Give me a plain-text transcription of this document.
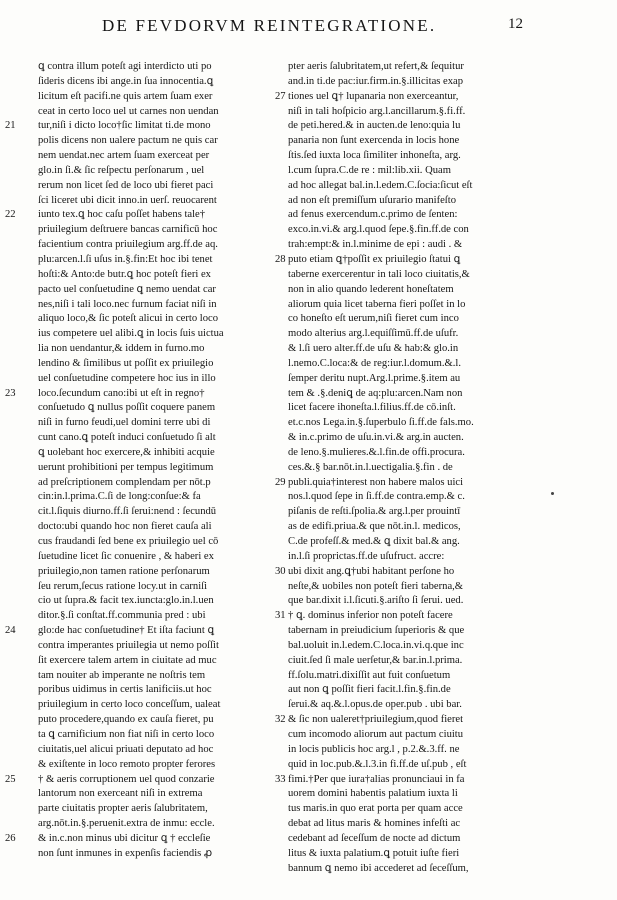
DE FEVDORVM REINTEGRATIONE.	12
ꝗ contra illum poteſt agi interdicto uti po
ſideris dicens ibi ange.in ſua innocentia.ꝗ
licitum eſt pacifi.ne quis artem ſuam exer
ceat in certo loco uel ut carnes non uendan
21	tur,niſi i dicto loco†ſic limitat ti.de mono
polis dicens non ualere pactum ne quis car
nem uendat.nec artem ſuam exerceat per
glo.in ſi.& ſic reſpectu perſonarum , uel
rerum non licet ſed de loco ubi fieret paci
ſci liceret ubi dicit inno.in uerſ. reuocarent
22	iunto tex.ꝗ hoc caſu poſſet habens tale†
priuilegium deſtruere bancas carnificū hoc
facientium contra priuilegium arg.ff.de aq.
plu:arcen.l.ſi uſus in.§.fin:Et hoc ibi tenet
hoſti:& Anto:de butr.ꝗ hoc poteſt fieri ex
pacto uel conſuetudine ꝗ nemo uendat car
nes,niſi i tali loco.nec furnum faciat niſi in
aliquo loco,& ſic poteſt alicui in certo loco
ius competere uel alibi.ꝗ in locis ſuis uictua
lia non uendantur,& iddem in furno.mo
lendino & ſimilibus ut poſſit ex priuilegio
uel conſuetudine competere hoc ius in illo
23	loco.ſecundum cano:ibi ut eſt in regno†
conſuetudo ꝗ nullus poſſit coquere panem
niſi in furno feudi,uel domini terre ubi di
cunt cano.ꝗ poteſt induci conſuetudo ſi alt
ꝗ uolebant hoc exercere,& inhibiti acquie
uerunt prohibitioni per tempus legitimum
ad preſcriptionem complendam per nōt.p
cin:in.l.prima.C.ſi de long:conſue:& fa
cit.l.ſiquis diurno.ff.ſi ſerui:nend : ſecundū
docto:ubi quando hoc non fieret cauſa ali
cus fraudandi ſed bene ex priuilegio uel cō
ſuetudine licet ſic conuenire , & haberi ex
priuilegio,non tamen ratione perſonarum
ſeu rerum,ſecus ratione locy.ut in carniſi
cio ut ſupra.& facit tex.iuncta:glo.in.l.uen
ditor.§.ſi conſtat.ff.communia pred : ubi
24	glo:de hac conſuetudine† Et iſta faciunt ꝗ
contra imperantes priuilegia ut nemo poſſit
ſit exercere talem artem in ciuitate ad muc
tam nouiter ab imperante ne noſtris tem
poribus uidimus in certis lanificiis.ut hoc
priuilegium in certo loco conceſſum, ualeat
puto procedere,quando ex cauſa fieret, pu
ta ꝗ carnificium non fiat niſi in certo loco
ciuitatis,uel alicui priuati deputato ad hoc
& exiſtente in loco remoto propter ferores
25	† & aeris corruptionem uel quod conzarie
lantorum non exerceant niſi in extrema
parte ciuitatis propter aeris ſalubritatem,
arg.nōt.in.§.peruenit.extra de inmu: eccle.
26	& in.c.non minus ubi dicitur ꝗ † eccleſie
non ſunt inmunes in expenſis faciendis ꝓ
pter aeris ſalubritatem,ut refert,& ſequitur
and.in ti.de pac:iur.firm.in.§.illicitas exap
27 tiones uel ꝗ† lupanaria non exerceantur,
niſi in tali hoſpicio arg.l.ancillarum.§.fi.ff.
de peti.hered.& in aucten.de leno:quia lu
panaria non ſunt exercenda in locis hone
ſtis.ſed iuxta loca ſimiliter inhoneſta, arg.
l.cum ſupra.C.de re : mil:lib.xii. Quam
ad hoc allegat bal.in.l.edem.C.ſocia:ſicut eſt
ad non eſt premiſſum uſurario manifeſto
ad fenus exercendum.c.primo de ſenten:
exco.in.vi.& arg.l.quod ſepe.§.fin.ff.de con
trah:empt:& in.l.minime de epi : audi . &
28 puto etiam ꝗ†poſſit ex priuilegio ſtatui ꝗ
taberne exercerentur in tali loco ciuitatis,&
non in alio quando lederent honeſtatem
aliorum quia licet taberna fieri poſſet in lo
co honeſto eſt uerum,niſi fieret cum inco
modo alterius arg.l.equiſſimū.ff.de uſufr.
& l.ſi uero alter.ff.de uſu & hab:& glo.in
l.nemo.C.loca:& de reg:iur.l.domum.&.l.
ſemper deritu nupt.Arg.l.prime.§.item au
tem & .§.deniꝗ de aq:plu:arcen.Nam non
licet facere ihoneſta.l.filius.ff.de cō.inſt.
et.c.nos Lega.in.§.ſuperbulo ſi.ff.de fals.mo.
& in.c.primo de uſu.in.vi.& arg.in aucten.
de leno.§.mulieres.&.l.fin.de offi.procura.
ces.&.§ bar.nōt.in.l.uectigalia.§.fin . de
29 publi.quia†interest non habere malos uici
nos.l.quod ſepe in ſi.ff.de contra.emp.& c.
piſanis de reſti.ſpolia.& arg.l.per prouintī
as de edifi.priua.& que nōt.in.l. medicos,
C.de profeſſ.& med.& ꝗ dixit bal.& ang.
in.l.ſi proprictas.ff.de uſufruct. accre:
30 ubi dixit ang.ꝗ†ubi habitant perſone ho
neſte,& uobiles non poteſt fieri taberna,&
que bar.dixit i.l.ſicuti.§.ariſto ſi ſerui. ued.
31 † ꝗ. dominus inferior non poteſt facere
tabernam in preiudicium ſuperioris & que
bal.uoluit in.l.edem.C.loca.in.vi.q.que inc
ciuit.ſed ſi male uerſetur,& bar.in.l.prima.
ff.ſolu.matri.dixiſſit aut fuit conſuetum
aut non ꝗ poſſit fieri facit.l.fin.§.fin.de
ſerui.& aq.&.l.opus.de oper.pub . ubi bar.
32 & ſic non ualeret†priuilegium,quod fieret
cum incomodo aliorum aut pactum ciuitu
in locis publicis hoc arg.l , p.2.&.3.ff. ne
quid in loc.pub.&.l.3.in fi.ff.de uſ.pub , eſt
33 fimi.†Per que iura†alias pronunciaui in fa
uorem domini habentis palatium iuxta li
tus maris.in quo erat porta per quam acce
debat ad litus maris & homines infeſti ac
cedebant ad ſeceſſum de nocte ad dictum
litus & iuxta palatium.ꝗ potuit iuſte fieri
bannum ꝗ nemo ibi accederet ad ſeceſſum,
